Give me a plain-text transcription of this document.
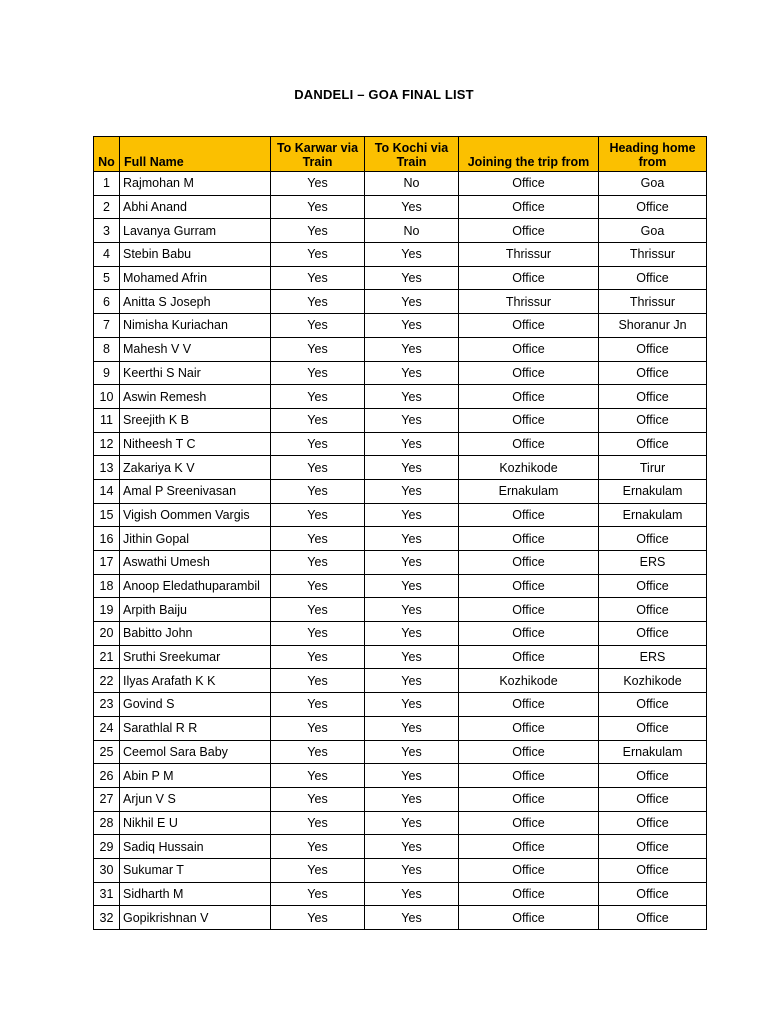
DANDELI – GOA FINAL LIST
No	Full Name	To Karwar via Train	To Kochi via Train	Joining the trip from	Heading home from
1	Rajmohan M	Yes	No	Office	Goa
2	Abhi Anand	Yes	Yes	Office	Office
3	Lavanya Gurram	Yes	No	Office	Goa
4	Stebin Babu	Yes	Yes	Thrissur	Thrissur
5	Mohamed Afrin	Yes	Yes	Office	Office
6	Anitta S Joseph	Yes	Yes	Thrissur	Thrissur
7	Nimisha Kuriachan	Yes	Yes	Office	Shoranur Jn
8	Mahesh V V	Yes	Yes	Office	Office
9	Keerthi S Nair	Yes	Yes	Office	Office
10	Aswin Remesh	Yes	Yes	Office	Office
11	Sreejith K B	Yes	Yes	Office	Office
12	Nitheesh T C	Yes	Yes	Office	Office
13	Zakariya K V	Yes	Yes	Kozhikode	Tirur
14	Amal P Sreenivasan	Yes	Yes	Ernakulam	Ernakulam
15	Vigish Oommen Vargis	Yes	Yes	Office	Ernakulam
16	Jithin Gopal	Yes	Yes	Office	Office
17	Aswathi Umesh	Yes	Yes	Office	ERS
18	Anoop Eledathuparambil	Yes	Yes	Office	Office
19	Arpith Baiju	Yes	Yes	Office	Office
20	Babitto John	Yes	Yes	Office	Office
21	Sruthi Sreekumar	Yes	Yes	Office	ERS
22	Ilyas Arafath K K	Yes	Yes	Kozhikode	Kozhikode
23	Govind S	Yes	Yes	Office	Office
24	Sarathlal R R	Yes	Yes	Office	Office
25	Ceemol Sara Baby	Yes	Yes	Office	Ernakulam
26	Abin P M	Yes	Yes	Office	Office
27	Arjun V S	Yes	Yes	Office	Office
28	Nikhil E U	Yes	Yes	Office	Office
29	Sadiq Hussain	Yes	Yes	Office	Office
30	Sukumar T	Yes	Yes	Office	Office
31	Sidharth M	Yes	Yes	Office	Office
32	Gopikrishnan V	Yes	Yes	Office	Office
